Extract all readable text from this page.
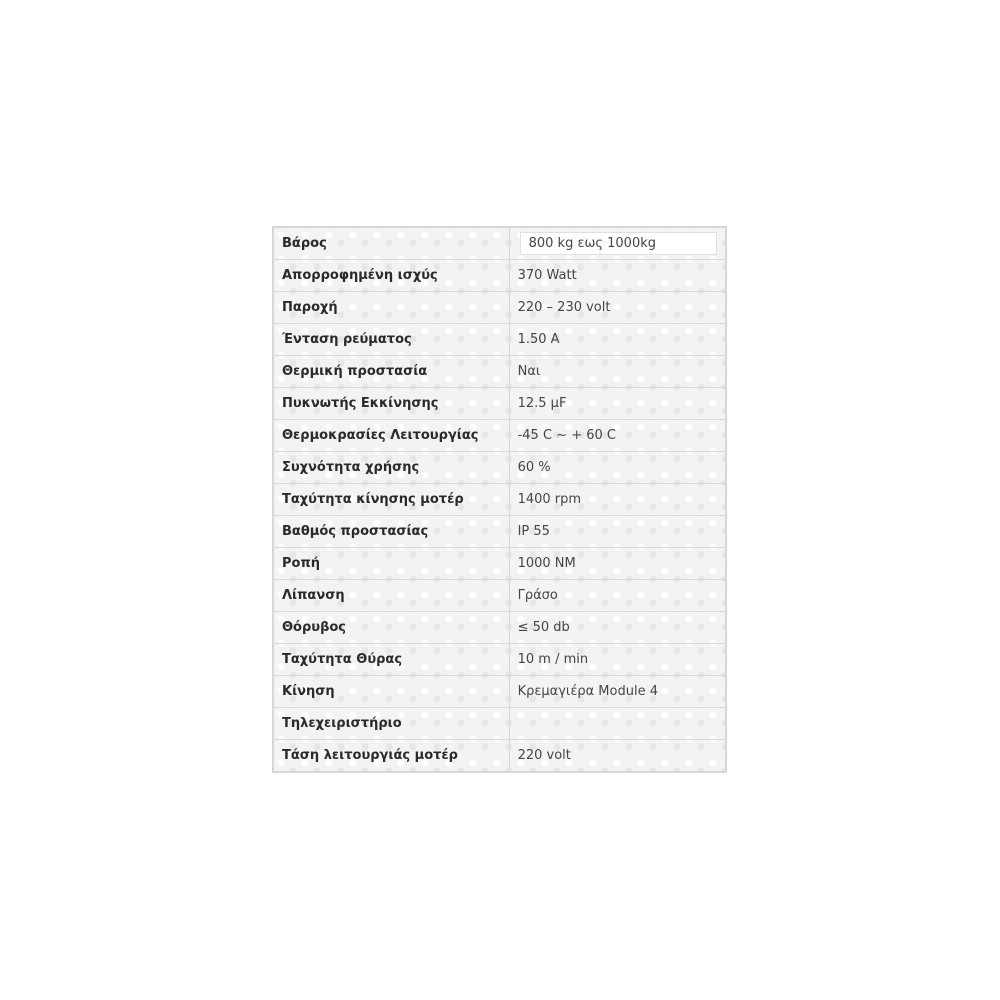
Βάρος	800 kg εως 1000kg
Απορροφημένη ισχύς	370 Watt
Παροχή	220 – 230 volt
Ένταση ρεύματος	1.50 A
Θερμική προστασία	Ναι
Πυκνωτής Εκκίνησης	12.5 μF
Θερμοκρασίες Λειτουργίας	-45 C ~ + 60 C
Συχνότητα χρήσης	60 %
Ταχύτητα κίνησης μοτέρ	1400 rpm
Βαθμός προστασίας	IP 55
Ροπή	1000 NM
Λίπανση	Γράσο
Θόρυβος	≤ 50 db
Ταχύτητα Θύρας	10 m / min
Κίνηση	Κρεμαγιέρα Module 4
Τηλεχειριστήριο	
Τάση λειτουργιάς μοτέρ	220 volt
